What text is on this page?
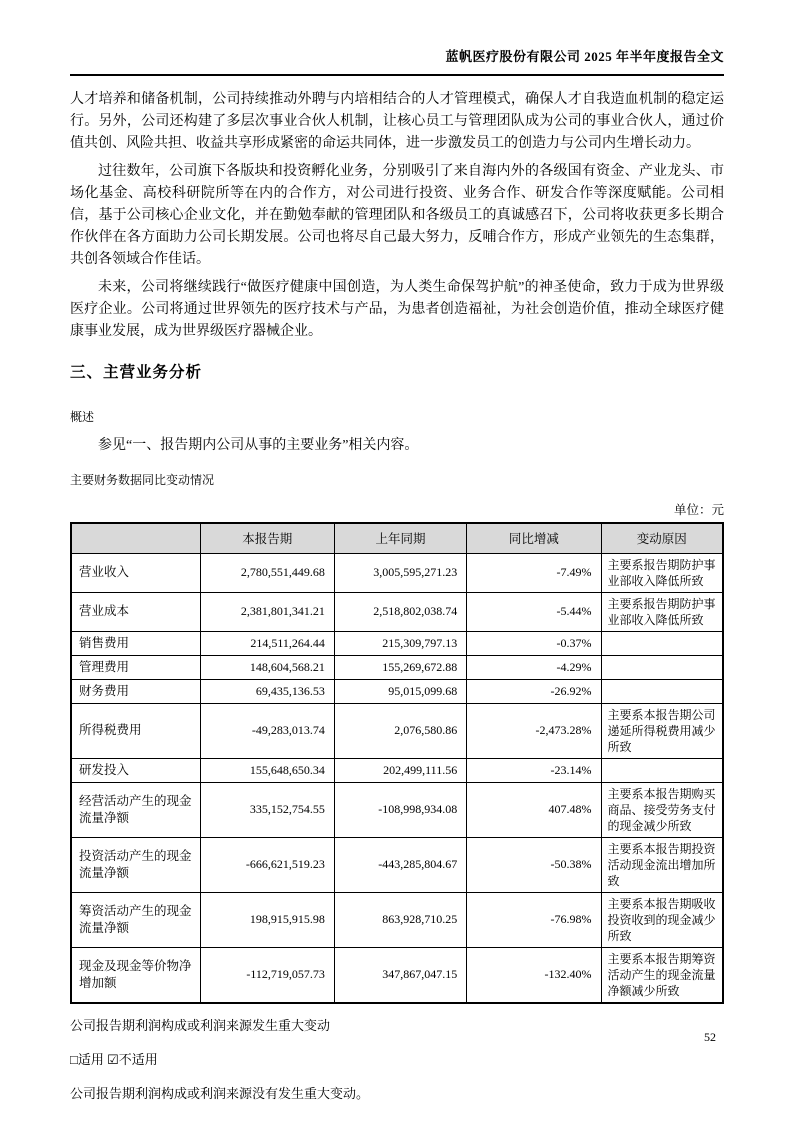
蓝帆医疗股份有限公司 2025 年半年度报告全文

人才培养和储备机制，公司持续推动外聘与内培相结合的人才管理模式，确保人才自我造血机制的稳定运行。另外，公司还构建了多层次事业合伙人机制，让核心员工与管理团队成为公司的事业合伙人，通过价值共创、风险共担、收益共享形成紧密的命运共同体，进一步激发员工的创造力与公司内生增长动力。

过往数年，公司旗下各版块和投资孵化业务，分别吸引了来自海内外的各级国有资金、产业龙头、市场化基金、高校科研院所等在内的合作方，对公司进行投资、业务合作、研发合作等深度赋能。公司相信，基于公司核心企业文化，并在勤勉奉献的管理团队和各级员工的真诚感召下，公司将收获更多长期合作伙伴在各方面助力公司长期发展。公司也将尽自己最大努力，反哺合作方，形成产业领先的生态集群，共创各领域合作佳话。

未来，公司将继续践行“做医疗健康中国创造，为人类生命保驾护航”的神圣使命，致力于成为世界级医疗企业。公司将通过世界领先的医疗技术与产品，为患者创造福祉，为社会创造价值，推动全球医疗健康事业发展，成为世界级医疗器械企业。

三、主营业务分析
概述

参见“一、报告期内公司从事的主要业务”相关内容。

主要财务数据同比变动情况
单位：元
	本报告期	上年同期	同比增减	变动原因
营业收入	2,780,551,449.68	3,005,595,271.23	-7.49%	主要系报告期防护事业部收入降低所致
营业成本	2,381,801,341.21	2,518,802,038.74	-5.44%	主要系报告期防护事业部收入降低所致
销售费用	214,511,264.44	215,309,797.13	-0.37%	
管理费用	148,604,568.21	155,269,672.88	-4.29%	
财务费用	69,435,136.53	95,015,099.68	-26.92%	
所得税费用	-49,283,013.74	2,076,580.86	-2,473.28%	主要系本报告期公司递延所得税费用减少所致
研发投入	155,648,650.34	202,499,111.56	-23.14%	
经营活动产生的现金流量净额	335,152,754.55	-108,998,934.08	407.48%	主要系本报告期购买商品、接受劳务支付的现金减少所致
投资活动产生的现金流量净额	-666,621,519.23	-443,285,804.67	-50.38%	主要系本报告期投资活动现金流出增加所致
筹资活动产生的现金流量净额	198,915,915.98	863,928,710.25	-76.98%	主要系本报告期吸收投资收到的现金减少所致
现金及现金等价物净增加额	-112,719,057.73	347,867,047.15	-132.40%	主要系本报告期筹资活动产生的现金流量净额减少所致

公司报告期利润构成或利润来源发生重大变动

□适用 ☑不适用

公司报告期利润构成或利润来源没有发生重大变动。

52
